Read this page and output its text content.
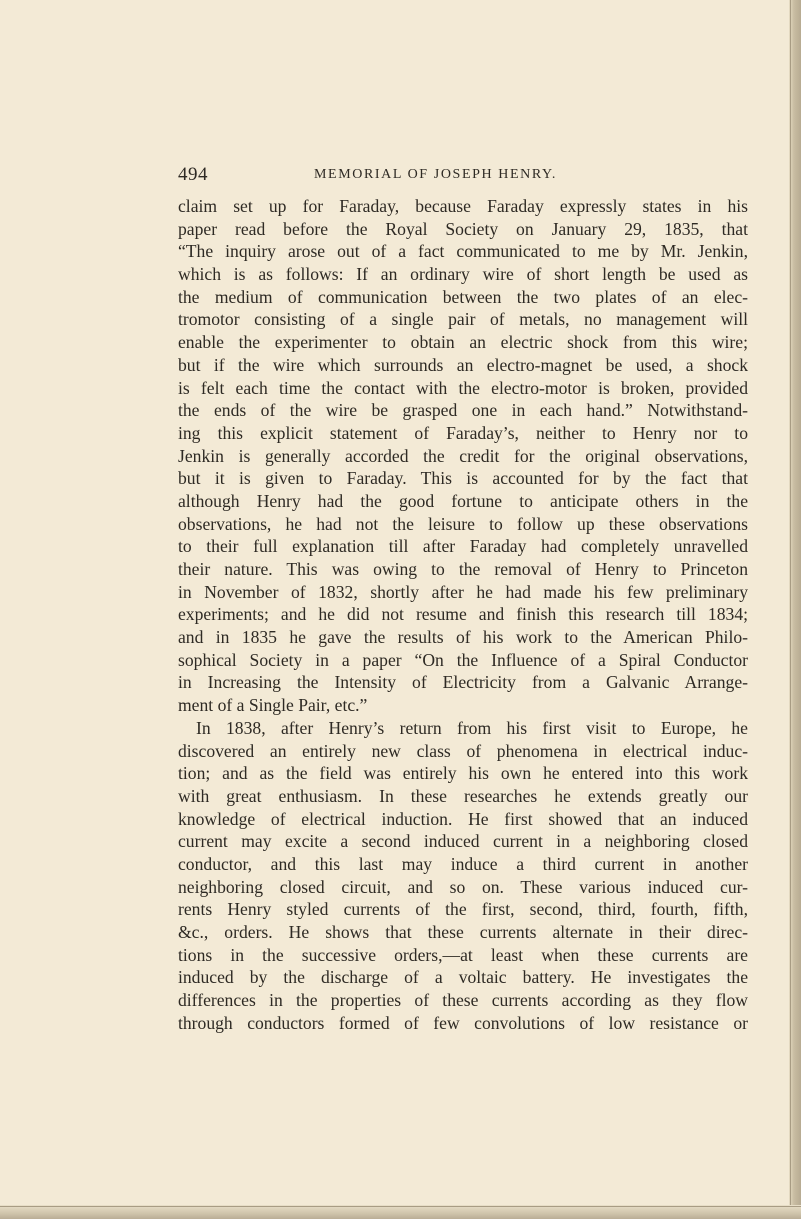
494	MEMORIAL OF JOSEPH HENRY.
claim set up for Faraday, because Faraday expressly states in his
paper read before the Royal Society on January 29, 1835, that
“The inquiry arose out of a fact communicated to me by Mr. Jenkin,
which is as follows: If an ordinary wire of short length be used as
the medium of communication between the two plates of an elec-
tromotor consisting of a single pair of metals, no management will
enable the experimenter to obtain an electric shock from this wire;
but if the wire which surrounds an electro-magnet be used, a shock
is felt each time the contact with the electro-motor is broken, provided
the ends of the wire be grasped one in each hand.” Notwithstand-
ing this explicit statement of Faraday’s, neither to Henry nor to
Jenkin is generally accorded the credit for the original observations,
but it is given to Faraday. This is accounted for by the fact that
although Henry had the good fortune to anticipate others in the
observations, he had not the leisure to follow up these observations
to their full explanation till after Faraday had completely unravelled
their nature. This was owing to the removal of Henry to Princeton
in November of 1832, shortly after he had made his few preliminary
experiments; and he did not resume and finish this research till 1834;
and in 1835 he gave the results of his work to the American Philo-
sophical Society in a paper “On the Influence of a Spiral Conductor
in Increasing the Intensity of Electricity from a Galvanic Arrange-
ment of a Single Pair, etc.”
In 1838, after Henry’s return from his first visit to Europe, he
discovered an entirely new class of phenomena in electrical induc-
tion; and as the field was entirely his own he entered into this work
with great enthusiasm. In these researches he extends greatly our
knowledge of electrical induction. He first showed that an induced
current may excite a second induced current in a neighboring closed
conductor, and this last may induce a third current in another
neighboring closed circuit, and so on. These various induced cur-
rents Henry styled currents of the first, second, third, fourth, fifth,
&c., orders. He shows that these currents alternate in their direc-
tions in the successive orders,—at least when these currents are
induced by the discharge of a voltaic battery. He investigates the
differences in the properties of these currents according as they flow
through conductors formed of few convolutions of low resistance or
